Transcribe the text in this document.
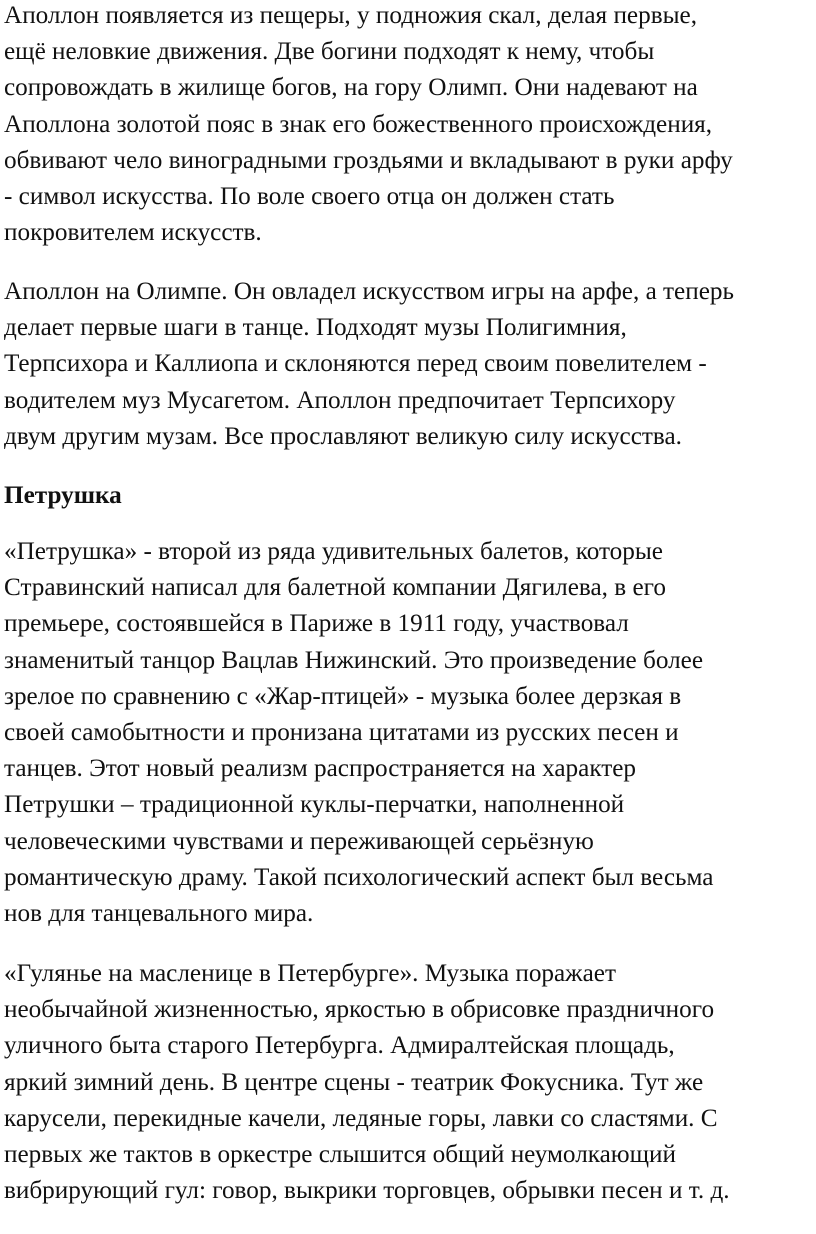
Аполлон появляется из пещеры, у подножия скал, делая первые,
ещё неловкие движения. Две богини подходят к нему, чтобы
сопровождать в жилище богов, на гору Олимп. Они надевают на
Аполлона золотой пояс в знак его божественного происхождения,
обвивают чело виноградными гроздьями и вкладывают в руки арфу
- символ искусства. По воле своего отца он должен стать
покровителем искусств.

Аполлон на Олимпе. Он овладел искусством игры на арфе, а теперь
делает первые шаги в танце. Подходят музы Полигимния,
Терпсихора и Каллиопа и склоняются перед своим повелителем -
водителем муз Мусагетом. Аполлон предпочитает Терпсихору
двум другим музам. Все прославляют великую силу искусства.

Петрушка

«Петрушка» - второй из ряда удивительных балетов, которые
Стравинский написал для балетной компании Дягилева, в его
премьере, состоявшейся в Париже в 1911 году, участвовал
знаменитый танцор Вацлав Нижинский. Это произведение более
зрелое по сравнению с «Жар-птицей» - музыка более дерзкая в
своей самобытности и пронизана цитатами из русских песен и
танцев. Этот новый реализм распространяется на характер
Петрушки – традиционной куклы-перчатки, наполненной
человеческими чувствами и переживающей серьёзную
романтическую драму. Такой психологический аспект был весьма
нов для танцевального мира.

«Гулянье на масленице в Петербурге». Музыка поражает
необычайной жизненностью, яркостью в обрисовке праздничного
уличного быта старого Петербурга. Адмиралтейская площадь,
яркий зимний день. В центре сцены - театрик Фокусника. Тут же
карусели, перекидные качели, ледяные горы, лавки со сластями. С
первых же тактов в оркестре слышится общий неумолкающий
вибрирующий гул: говор, выкрики торговцев, обрывки песен и т. д.
